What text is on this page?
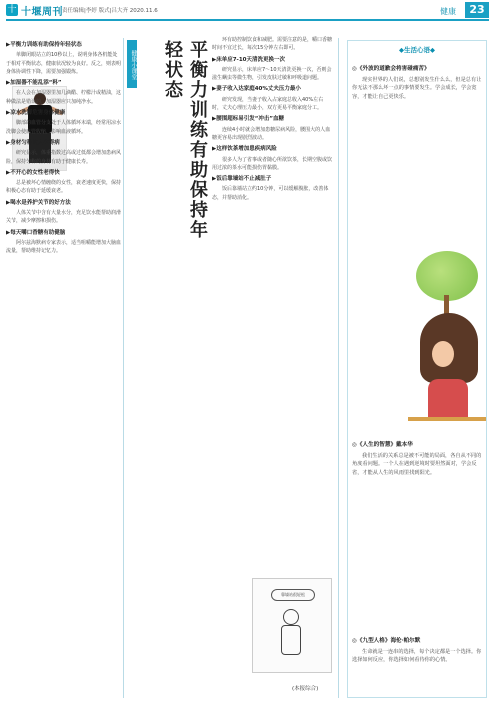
十 十堰周刊 责任编辑|李婷 版式|吕大齐 2020.11.6	健康	23
▶平衡力训练有助保持年轻状态

单脚闭眼站立的10秒以上，说明身体各机能处于相对平衡状态，健康状况较为良好。反之，则表明身体协调性下降，需要加强锻炼。

▶加湿器不能乱添“料”

在人会在加湿器里加几滴醋、柠檬汁或精油，这种做法是错误的，加湿器应只加纯净水。

▶凉水洗脚危害身体健康

脚部的血管分支处于人体循环末端，经常用凉水洗脚会使血管收缩，影响血液循环。

▶身材匀称的人少得病

研究显示，体重指数过高或过低都会增加患病风险，保持匀称的身材有助于健康长寿。

▶不开心的女性老得快

总是被坏心情缠绕的女性，衰老速度更快，保持积极心态有助于延缓衰老。

▶喝水是养护关节的好方法

人体关节中含有大量水分，充足饮水能帮助润滑关节，减少摩擦和损伤。

▶每天嚼口香糖有助健脑

阿尔兹海默病专家表示，适当咀嚼能增加大脑血流量，帮助维持记忆力。

健康小课堂	平衡力训练有助保持年轻状态	环有助控制饮食和减肥。需要注意的是，嚼口香糖时间不宜过长，每次15分钟左右即可。

▶床单应7-10天清洗更换一次

研究显示，床单应7～10天清洗更换一次，否则会滋生螨虫等微生物，引发皮肤过敏和呼吸道问题。

▶妻子收入达家庭40%丈夫压力最小

研究发现，当妻子收入占家庭总收入40%左右时，丈夫心理压力最小，双方更易平衡家庭分工。

▶腰围超标易引发“冲击”血糖

连续4小时就会增加患糖尿病风险，腰围大的人血糖更容易出现剧烈波动。

▶这样饮茶增加患疾病风险

很多人为了省事或者随心所欲饮茶，长期空腹或饮用过浓的茶水可能损伤胃黏膜。

▶饭后靠墙站不止减肚子

饭后靠墙站立约10分钟，可以缓解腹胀，改善体态，并帮助消化。

靠墙站很轻松
(本报综合)
◆生活心语◆
◎《外波的道歉会将害碰痛苦》

现实世界的人们说，总想别发生什么么，但是总有让你无法不那么坏一点的事情要发生。学会成长，学会宽容，才能让自己更快乐。

◎《人生的智慧》戴本华

我们生活的关系总是被不可能的局面，各自从不同的角度看问题。一个人在遇到逆境时要坦然面对，学会反省，才能从人生的风雨里找到阳光。

◎《九型人格》海伦·帕尔默

生命就是一连串的选择，每个决定都是一个选择。你选择如何反应，你选择如何看待你的心情。
